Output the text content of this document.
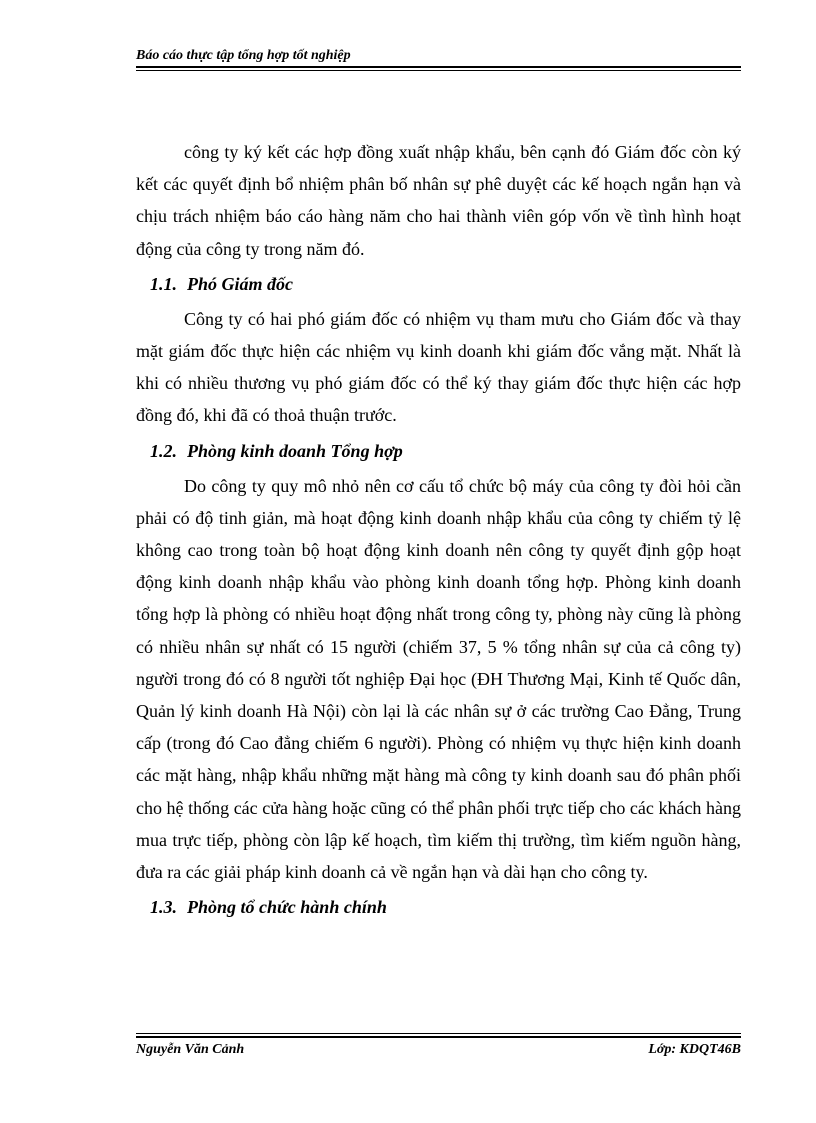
Báo cáo thực tập tổng hợp tốt nghiệp

công ty ký kết các hợp đồng xuất nhập khẩu, bên cạnh đó Giám đốc còn ký kết các quyết định bổ nhiệm phân bố nhân sự phê duyệt các kế hoạch ngắn hạn và chịu trách nhiệm báo cáo hàng năm cho hai thành viên góp vốn về tình hình hoạt động của công ty trong năm đó.

1.1. Phó Giám đốc

Công ty có hai phó giám đốc có nhiệm vụ tham mưu cho Giám đốc và thay mặt giám đốc thực hiện các nhiệm vụ kinh doanh khi giám đốc vắng mặt. Nhất là khi có nhiều thương vụ phó giám đốc có thể ký thay giám đốc thực hiện các hợp đồng đó, khi đã có thoả thuận trước.

1.2. Phòng kinh doanh Tổng hợp

Do công ty quy mô nhỏ nên cơ cấu tổ chức bộ máy của công ty đòi hỏi cần phải có độ tinh giản, mà hoạt động kinh doanh nhập khẩu của công ty chiếm tỷ lệ không cao trong toàn bộ hoạt động kinh doanh nên công ty quyết định gộp hoạt động kinh doanh nhập khẩu vào phòng kinh doanh tổng hợp. Phòng kinh doanh tổng hợp là phòng có nhiều hoạt động nhất trong công ty, phòng này cũng là phòng có nhiều nhân sự nhất có 15 người (chiếm 37, 5 % tổng nhân sự của cả công ty) người trong đó có 8 người tốt nghiệp Đại học (ĐH Thương Mại, Kinh tế Quốc dân, Quản lý kinh doanh Hà Nội) còn lại là các nhân sự ở các trường Cao Đẳng, Trung cấp (trong đó Cao đẳng chiếm 6 người). Phòng có nhiệm vụ thực hiện kinh doanh các mặt hàng, nhập khẩu những mặt hàng mà công ty kinh doanh sau đó phân phối cho hệ thống các cửa hàng hoặc cũng có thể phân phối trực tiếp cho các khách hàng mua trực tiếp, phòng còn lập kế hoạch, tìm kiếm thị trường, tìm kiếm nguồn hàng, đưa ra các giải pháp kinh doanh cả về ngắn hạn và dài hạn cho công ty.

1.3. Phòng tổ chức hành chính
Nguyễn Văn Cảnh	Lớp: KDQT46B
